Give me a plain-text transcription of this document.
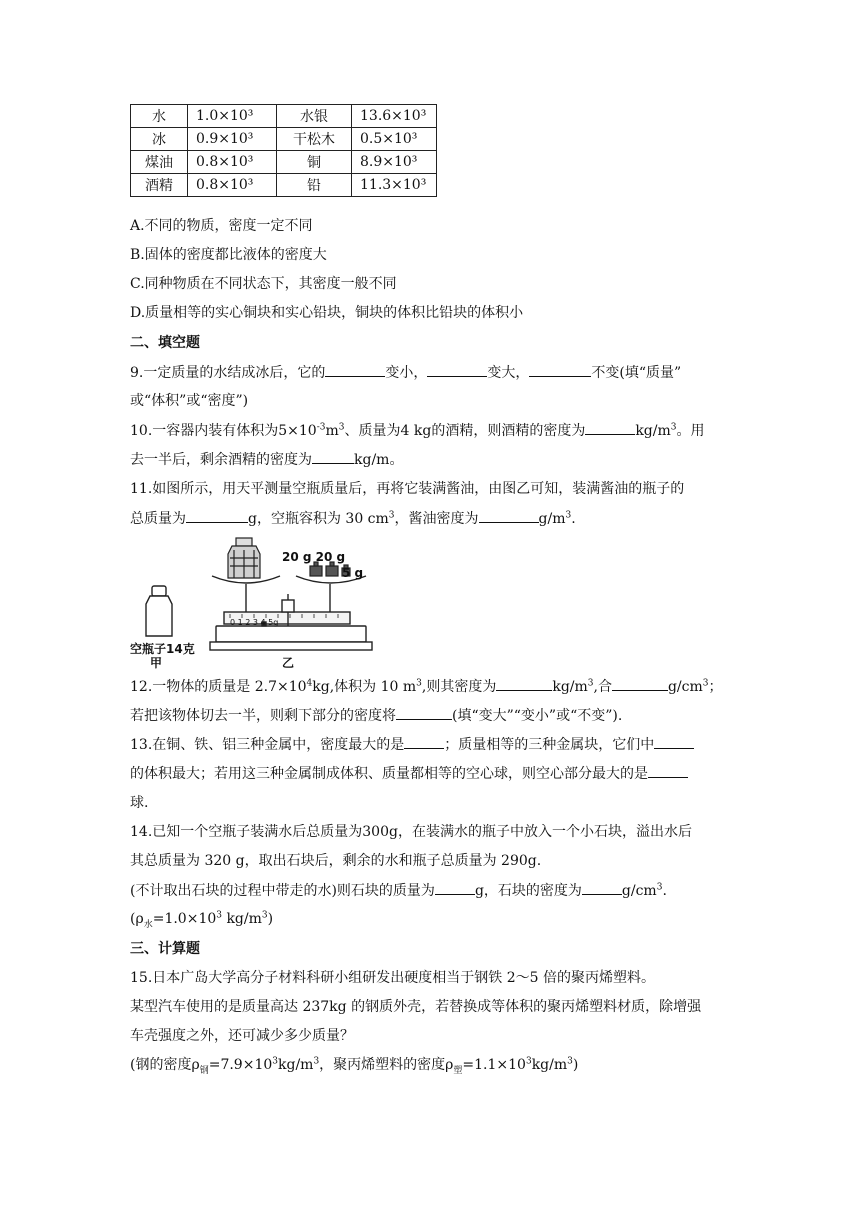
水	1.0×10³	水银	13.6×10³
冰	0.9×10³	干松木	0.5×10³
煤油	0.8×10³	铜	8.9×10³
酒精	0.8×10³	铅	11.3×10³
A.不同的物质，密度一定不同
B.固体的密度都比液体的密度大
C.同种物质在不同状态下，其密度一般不同
D.质量相等的实心铜块和实心铅块，铜块的体积比铅块的体积小
二、填空题
9.一定质量的水结成冰后，它的	变小，	变大，	不变(填“质量”
或“体积”或“密度”)
10.一容器内装有体积为$5\times 10^{-3}m^3$、质量为4 kg的酒精，则酒精的密度为	$kg/m^3$。用
去一半后，剩余酒精的密度为	kg/m。
11.如图所示，用天平测量空瓶质量后，再将它装满酱油，由图乙可知，装满酱油的瓶子的
总质量为	g，空瓶容积为 30 $cm^3$，酱油密度为	$g/m^3$.
20 g 20 g
5 g
0 1 2 3 4 5g
空瓶子14克
甲	乙
12.一物体的质量是 $2.7\times 10^4kg$,体积为 10 $m^3$,则其密度为	$kg/m^3$,合	$g/cm^3$；
若把该物体切去一半，则剩下部分的密度将	(填“变大”“变小”或“不变”).
13.在铜、铁、铝三种金属中，密度最大的是	；质量相等的三种金属块，它们中
的体积最大；若用这三种金属制成体积、质量都相等的空心球，则空心部分最大的是
球.
14.已知一个空瓶子装满水后总质量为300g，在装满水的瓶子中放入一个小石块，溢出水后
其总质量为 320 g，取出石块后，剩余的水和瓶子总质量为 290g.
(不计取出石块的过程中带走的水)则石块的质量为	g，石块的密度为	$g/cm^3$.
($\rho_水=1.0\times 10^3$ $kg/m^3$)
三、计算题
15.日本广岛大学高分子材料科研小组研发出硬度相当于钢铁 2～5 倍的聚丙烯塑料。
某型汽车使用的是质量高达 237kg 的钢质外壳，若替换成等体积的聚丙烯塑料材质，除增强
车壳强度之外，还可减少多少质量？
(钢的密度$\rho_钢=7.9\times 10^3kg/m^3$，聚丙烯塑料的密度$\rho_塑=1.1\times 10^3kg/m^3$)
